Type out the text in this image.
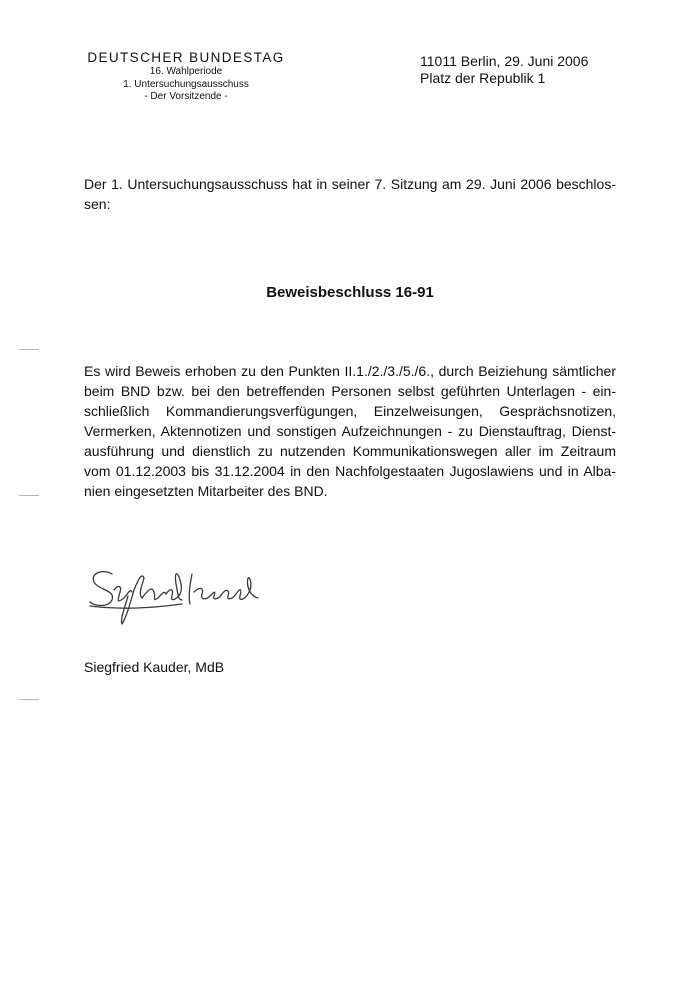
DEUTSCHER BUNDESTAG
16. Wahlperiode
1. Untersuchungsausschuss
- Der Vorsitzende -
11011 Berlin, 29. Juni 2006
Platz der Republik 1
Der 1. Untersuchungsausschuss hat in seiner 7. Sitzung am 29. Juni 2006 beschlos-sen:
Beweisbeschluss 16-91
Es wird Beweis erhoben zu den Punkten II.1./2./3./5./6., durch Beiziehung sämtlicher
beim BND bzw. bei den betreffenden Personen selbst geführten Unterlagen - ein-
schließlich Kommandierungsverfügungen, Einzelweisungen, Gesprächsnotizen,
Vermerken, Aktennotizen und sonstigen Aufzeichnungen - zu Dienstauftrag, Dienst-
ausführung und dienstlich zu nutzenden Kommunikationswegen aller im Zeitraum
vom 01.12.2003 bis 31.12.2004 in den Nachfolgestaaten Jugoslawiens und in Alba-
nien eingesetzten Mitarbeiter des BND.
Siegfried Kauder, MdB
